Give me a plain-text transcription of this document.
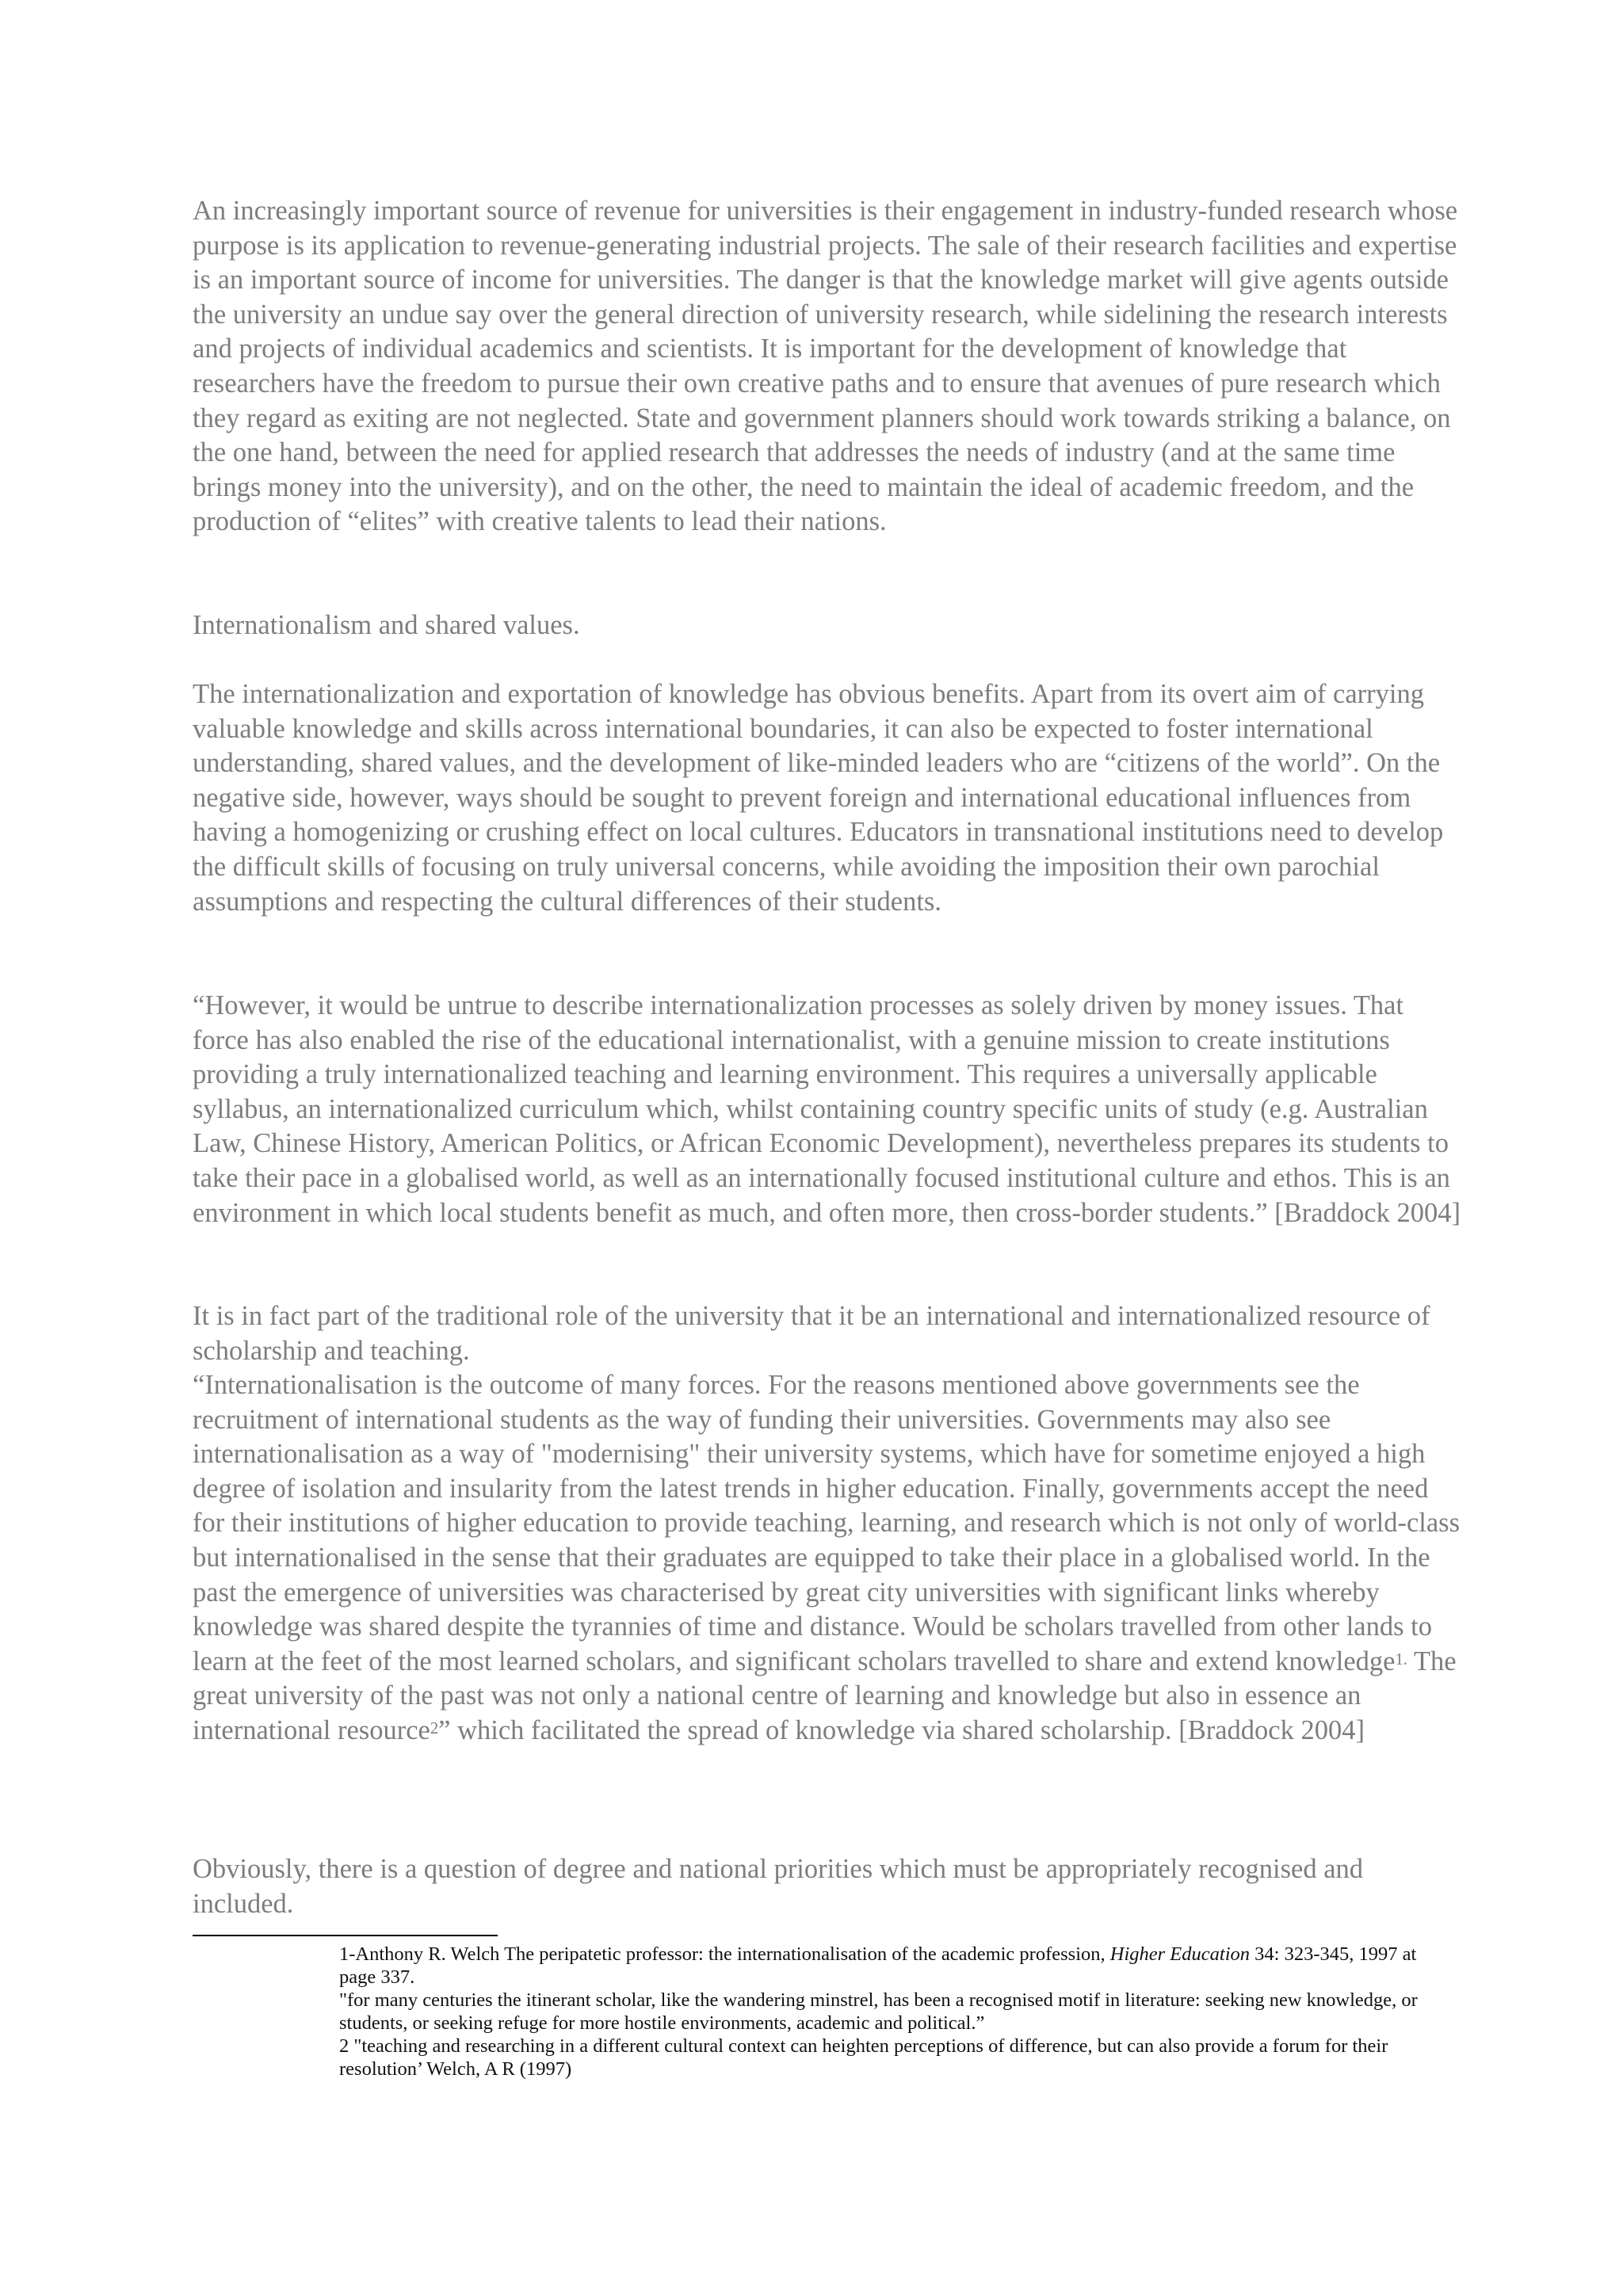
An increasingly important source of revenue for universities is their engagement in industry-funded research whose purpose is its application to revenue-generating industrial projects. The sale of their research facilities and expertise is an important source of income for universities. The danger is that the knowledge market will give agents outside the university an undue say over the general direction of university research, while sidelining the research interests and projects of individual academics and scientists. It is important for the development of knowledge that researchers have the freedom to pursue their own creative paths and to ensure that avenues of pure research which they regard as exiting are not neglected. State and government planners should work towards striking a balance, on the one hand, between the need for applied research that addresses the needs of industry (and at the same time brings money into the university), and on the other, the need to maintain the ideal of academic freedom, and the production of “elites” with creative talents to lead their nations.

Internationalism and shared values.

The internationalization and exportation of knowledge has obvious benefits. Apart from its overt aim of carrying valuable knowledge and skills across international boundaries, it can also be expected to foster international understanding, shared values, and the development of like-minded leaders who are “citizens of the world”. On the negative side, however, ways should be sought to prevent foreign and international educational influences from having a homogenizing or crushing effect on local cultures. Educators in transnational institutions need to develop the difficult skills of focusing on truly universal concerns, while avoiding the imposition their own parochial assumptions and respecting the cultural differences of their students.

“However, it would be untrue to describe internationalization processes as solely driven by money issues. That force has also enabled the rise of the educational internationalist, with a genuine mission to create institutions providing a truly internationalized teaching and learning environment. This requires a universally applicable syllabus, an internationalized curriculum which, whilst containing country specific units of study (e.g. Australian Law, Chinese History, American Politics, or African Economic Development), nevertheless prepares its students to take their pace in a globalised world, as well as an internationally focused institutional culture and ethos. This is an environment in which local students benefit as much, and often more, then cross-border students.” [Braddock 2004]

It is in fact part of the traditional role of the university that it be an international and internationalized resource of scholarship and teaching.

“Internationalisation is the outcome of many forces. For the reasons mentioned above governments see the recruitment of international students as the way of funding their universities. Governments may also see internationalisation as a way of "modernising" their university systems, which have for sometime enjoyed a high degree of isolation and insularity from the latest trends in higher education. Finally, governments accept the need for their institutions of higher education to provide teaching, learning, and research which is not only of world-class but internationalised in the sense that their graduates are equipped to take their place in a globalised world. In the past the emergence of universities was characterised by great city universities with significant links whereby knowledge was shared despite the tyrannies of time and distance. Would be scholars travelled from other lands to learn at the feet of the most learned scholars, and significant scholars travelled to share and extend knowledge$^{1.}$ The great university of the past was not only a national centre of learning and knowledge but also in essence an international resource$^2$” which facilitated the spread of knowledge via shared scholarship. [Braddock 2004]

Obviously, there is a question of degree and national priorities which must be appropriately recognised and included.

1-Anthony R. Welch The peripatetic professor: the internationalisation of the academic profession, Higher Education 34: 323-345, 1997 at page 337.
"for many centuries the itinerant scholar, like the wandering minstrel, has been a recognised motif in literature: seeking new knowledge, or students, or seeking refuge for more hostile environments, academic and political.”
2 "teaching and researching in a different cultural context can heighten perceptions of difference, but can also provide a forum for their resolution’ Welch, A R (1997)
